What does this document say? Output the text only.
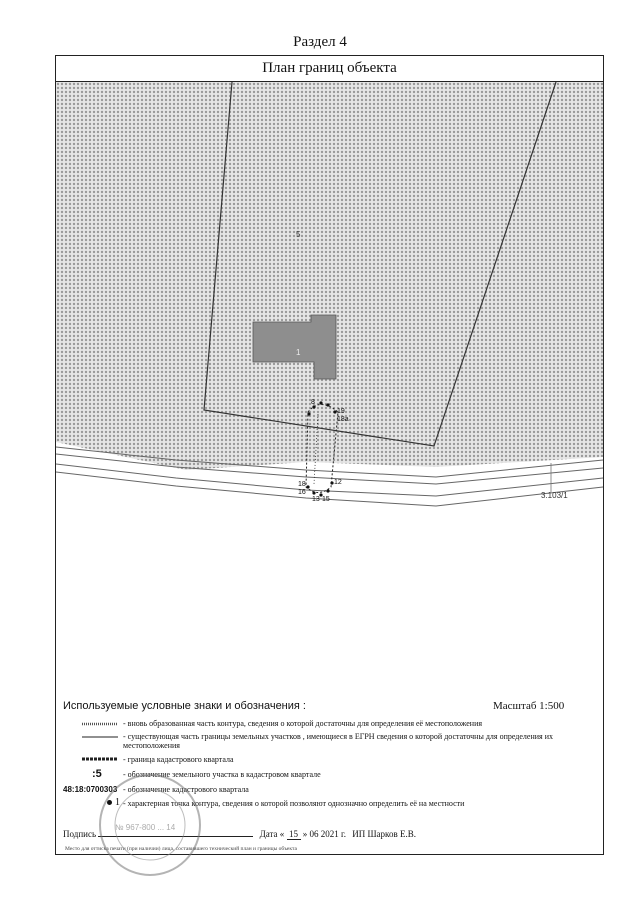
Раздел 4
План границ объекта
8
19
18а
18
16
13 15
12
5
1
3.103/1
Используемые условные знаки и обозначения :	Масштаб 1:500
- вновь образованная часть контура, сведения о которой достаточны для определения её местоположения
- существующая часть границы земельных участков , имеющиеся в ЕГРН сведения о которой достаточны для определения их местоположения
- граница кадастрового квартала
:5	- обозначение земельного участка в кадастровом квартале
48:18:0700303 - обозначение кадастрового квартала
1 - характерная точка контура, сведения о которой позволяют однозначно определить её на местности
Подпись	Дата « 15 » 06 2021 г. ИП Шарков Е.В.
Место для оттиска печати (при наличии) лица, составившего технический план и границы объекта
№ 967-800 ... 14
